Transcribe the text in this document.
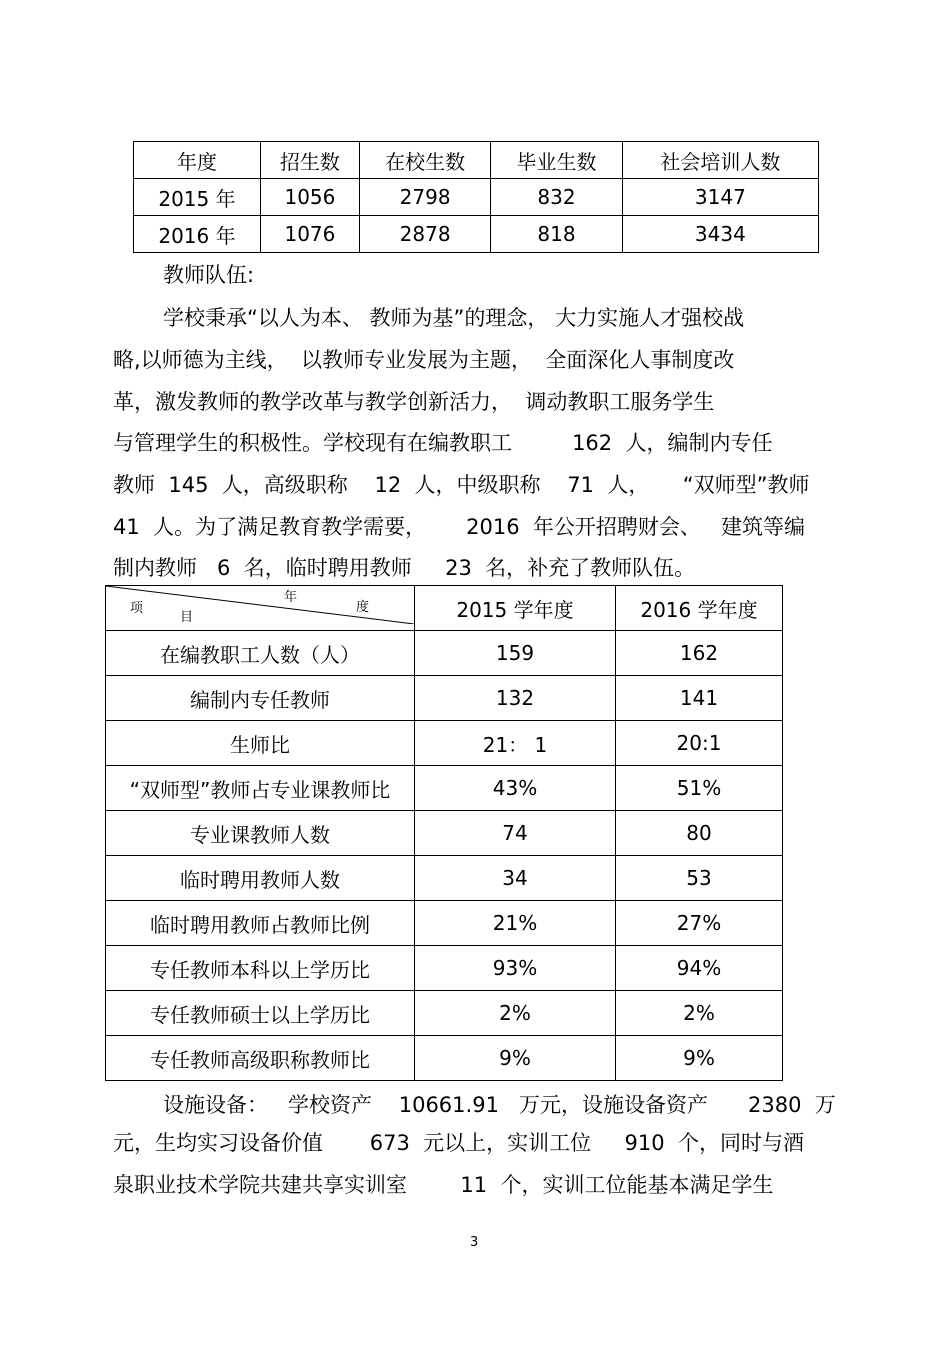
年度	招生数	在校生数	毕业生数	社会培训人数
2015 年	1056	2798	832	3147
2016 年	1076	2878	818	3434
教师队伍:
学校秉承“以人为本、 教师为基”的理念， 大力实施人才强校战
略,以师德为主线，  以教师专业发展为主题，  全面深化人事制度改
革，激发教师的教学改革与教学创新活力，  调动教职工服务学生
与管理学生的积极性。学校现有在编教职工         162  人，编制内专任
教师  145  人，高级职称    12  人，中级职称    71  人，     “双师型”教师
41  人。为了满足教育教学需要，      2016  年公开招聘财会、   建筑等编
制内教师   6  名，临时聘用教师     23  名，补充了教师队伍。
年
度
项
目	2015 学年度	2016 学年度
在编教职工人数（人）	159	162
编制内专任教师	132	141
生师比	21： 1	20:1
“双师型”教师占专业课教师比	43%	51%
专业课教师人数	74	80
临时聘用教师人数	34	53
临时聘用教师占教师比例	21%	27%
专任教师本科以上学历比	93%	94%
专任教师硕士以上学历比	2%	2%
专任教师高级职称教师比	9%	9%
设施设备：   学校资产    10661.91   万元，设施设备资产      2380  万
元，生均实习设备价值       673  元以上，实训工位     910  个，同时与酒
泉职业技术学院共建共享实训室        11  个，实训工位能基本满足学生
3
